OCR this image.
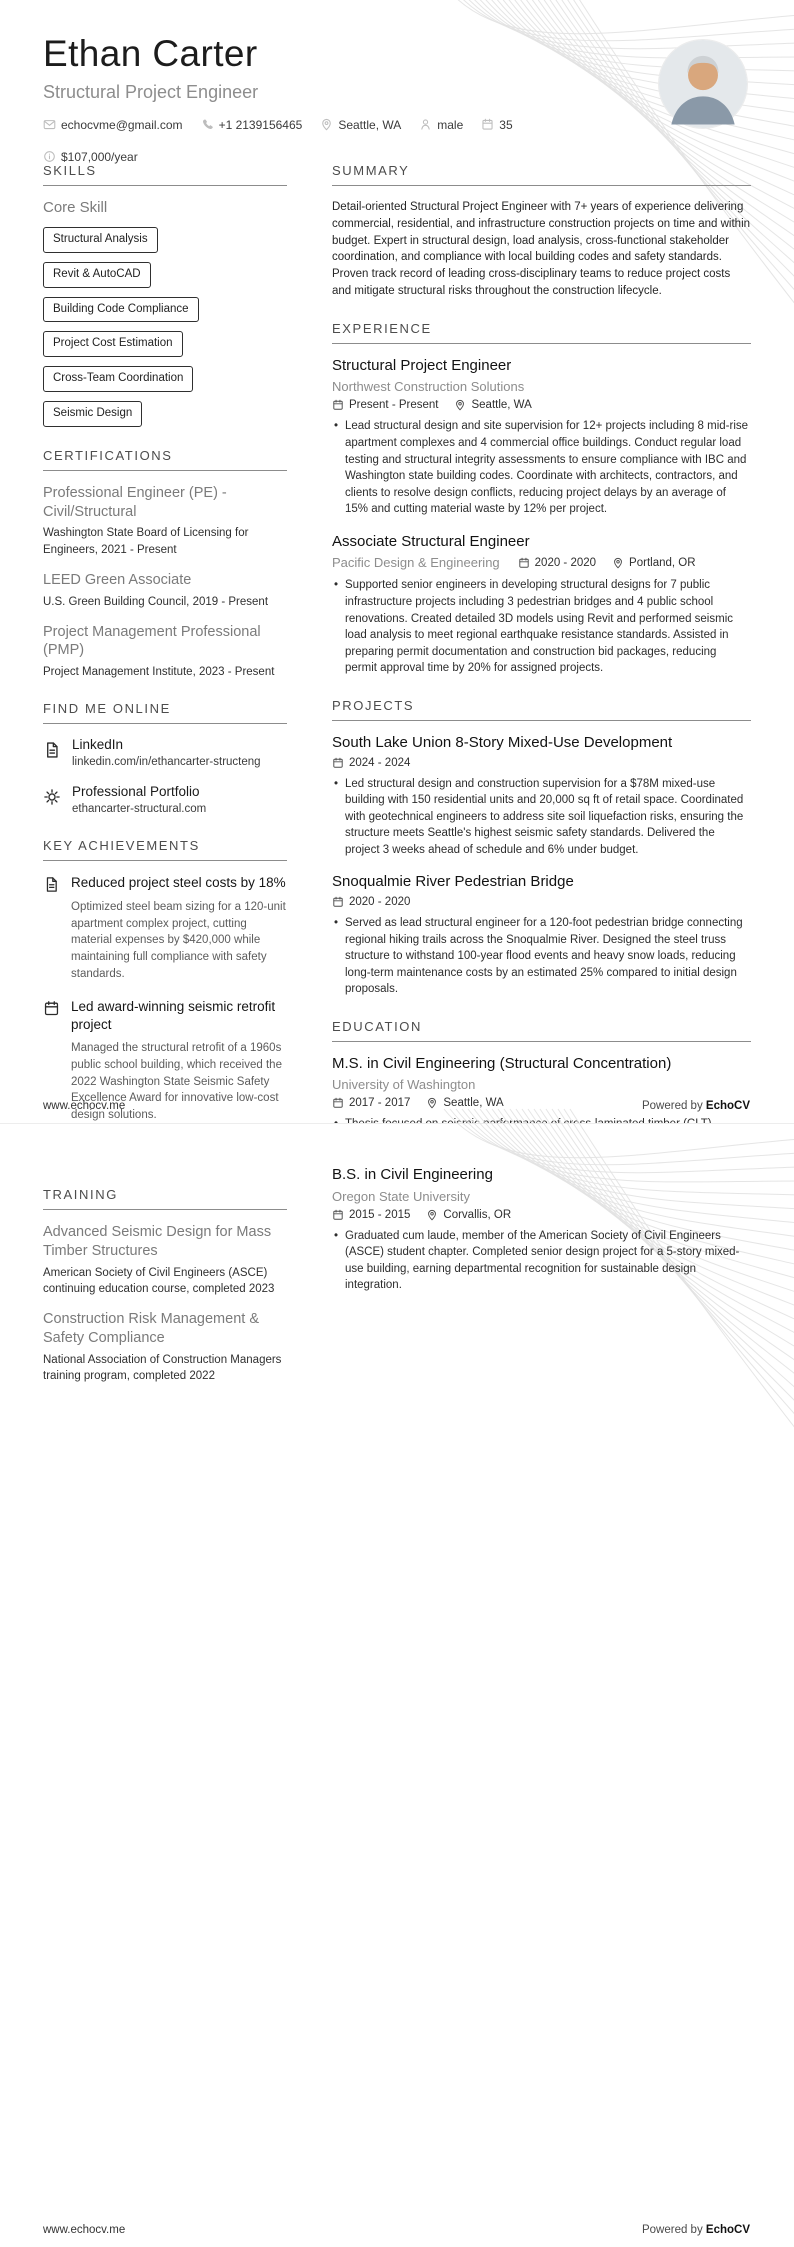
Ethan Carter
Structural Project Engineer
echocvme@gmail.com	+1 2139156465	Seattle, WA	male	35
$107,000/year
SKILLS
Core Skill
Structural Analysis
Revit & AutoCAD
Building Code Compliance
Project Cost Estimation
Cross-Team Coordination
Seismic Design
CERTIFICATIONS
Professional Engineer (PE) - Civil/Structural
Washington State Board of Licensing for Engineers, 2021 - Present
LEED Green Associate
U.S. Green Building Council, 2019 - Present
Project Management Professional (PMP)
Project Management Institute, 2023 - Present
FIND ME ONLINE
LinkedIn
linkedin.com/in/ethancarter-structeng
Professional Portfolio
ethancarter-structural.com
KEY ACHIEVEMENTS
Reduced project steel costs by 18%
Optimized steel beam sizing for a 120-unit apartment complex project, cutting material expenses by $420,000 while maintaining full compliance with safety standards.
Led award-winning seismic retrofit project
Managed the structural retrofit of a 1960s public school building, which received the 2022 Washington State Seismic Safety Excellence Award for innovative low-cost design solutions.
SUMMARY
Detail-oriented Structural Project Engineer with 7+ years of experience delivering commercial, residential, and infrastructure construction projects on time and within budget. Expert in structural design, load analysis, cross-functional stakeholder coordination, and compliance with local building codes and safety standards. Proven track record of leading cross-disciplinary teams to reduce project costs and mitigate structural risks throughout the construction lifecycle.
EXPERIENCE
Structural Project Engineer
Northwest Construction Solutions
Present - Present	Seattle, WA
• Lead structural design and site supervision for 12+ projects including 8 mid-rise apartment complexes and 4 commercial office buildings. Conduct regular load testing and structural integrity assessments to ensure compliance with IBC and Washington state building codes. Coordinate with architects, contractors, and clients to resolve design conflicts, reducing project delays by an average of 15% and cutting material waste by 12% per project.
Associate Structural Engineer
Pacific Design & Engineering	2020 - 2020	Portland, OR
• Supported senior engineers in developing structural designs for 7 public infrastructure projects including 3 pedestrian bridges and 4 public school renovations. Created detailed 3D models using Revit and performed seismic load analysis to meet regional earthquake resistance standards. Assisted in preparing permit documentation and construction bid packages, reducing permit approval time by 20% for assigned projects.
PROJECTS
South Lake Union 8-Story Mixed-Use Development
2024 - 2024
• Led structural design and construction supervision for a $78M mixed-use building with 150 residential units and 20,000 sq ft of retail space. Coordinated with geotechnical engineers to address site soil liquefaction risks, ensuring the structure meets Seattle's highest seismic safety standards. Delivered the project 3 weeks ahead of schedule and 6% under budget.
Snoqualmie River Pedestrian Bridge
2020 - 2020
• Served as lead structural engineer for a 120-foot pedestrian bridge connecting regional hiking trails across the Snoqualmie River. Designed the steel truss structure to withstand 100-year flood events and heavy snow loads, reducing long-term maintenance costs by an estimated 25% compared to initial design proposals.
EDUCATION
M.S. in Civil Engineering (Structural Concentration)
University of Washington
2017 - 2017	Seattle, WA
•
www.echocv.me	Powered by EchoCV
TRAINING
Advanced Seismic Design for Mass Timber Structures
American Society of Civil Engineers (ASCE) continuing education course, completed 2023
Construction Risk Management & Safety Compliance
National Association of Construction Managers training program, completed 2022
B.S. in Civil Engineering
Oregon State University
2015 - 2015	Corvallis, OR
• Graduated cum laude, member of the American Society of Civil Engineers (ASCE) student chapter. Completed senior design project for a 5-story mixed-use building, earning departmental recognition for sustainable design integration.
www.echocv.me	Powered by EchoCV
